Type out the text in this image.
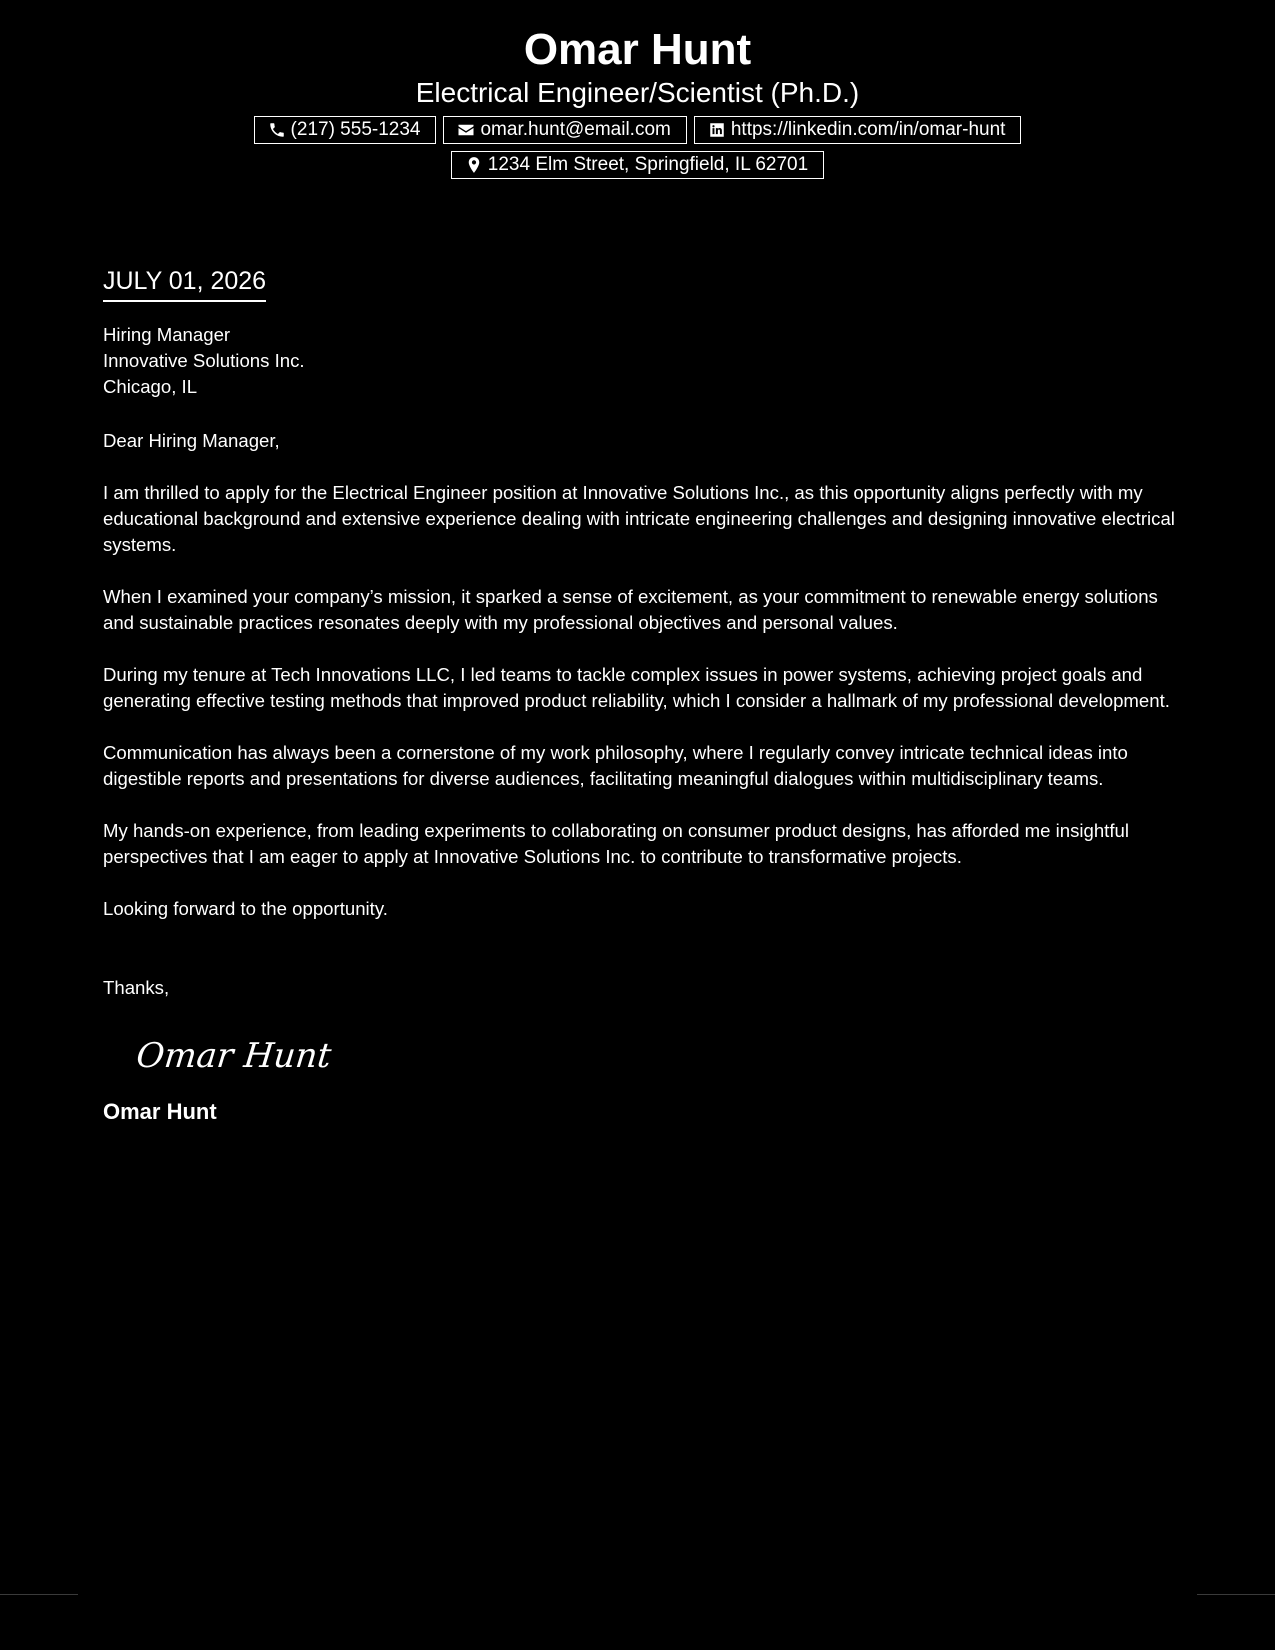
Omar Hunt
Electrical Engineer/Scientist (Ph.D.)
(217) 555-1234	omar.hunt@email.com	https://linkedin.com/in/omar-hunt
1234 Elm Street, Springfield, IL 62701
JULY 01, 2026
Hiring Manager
Innovative Solutions Inc.
Chicago, IL
Dear Hiring Manager,

I am thrilled to apply for the Electrical Engineer position at Innovative Solutions Inc., as this opportunity aligns perfectly with my educational background and extensive experience dealing with intricate engineering challenges and designing innovative electrical systems.

When I examined your company’s mission, it sparked a sense of excitement, as your commitment to renewable energy solutions and sustainable practices resonates deeply with my professional objectives and personal values.

During my tenure at Tech Innovations LLC, I led teams to tackle complex issues in power systems, achieving project goals and generating effective testing methods that improved product reliability, which I consider a hallmark of my professional development.

Communication has always been a cornerstone of my work philosophy, where I regularly convey intricate technical ideas into digestible reports and presentations for diverse audiences, facilitating meaningful dialogues within multidisciplinary teams.

My hands-on experience, from leading experiments to collaborating on consumer product designs, has afforded me insightful perspectives that I am eager to apply at Innovative Solutions Inc. to contribute to transformative projects.

Looking forward to the opportunity.

Thanks,
Omar Hunt
Omar Hunt
